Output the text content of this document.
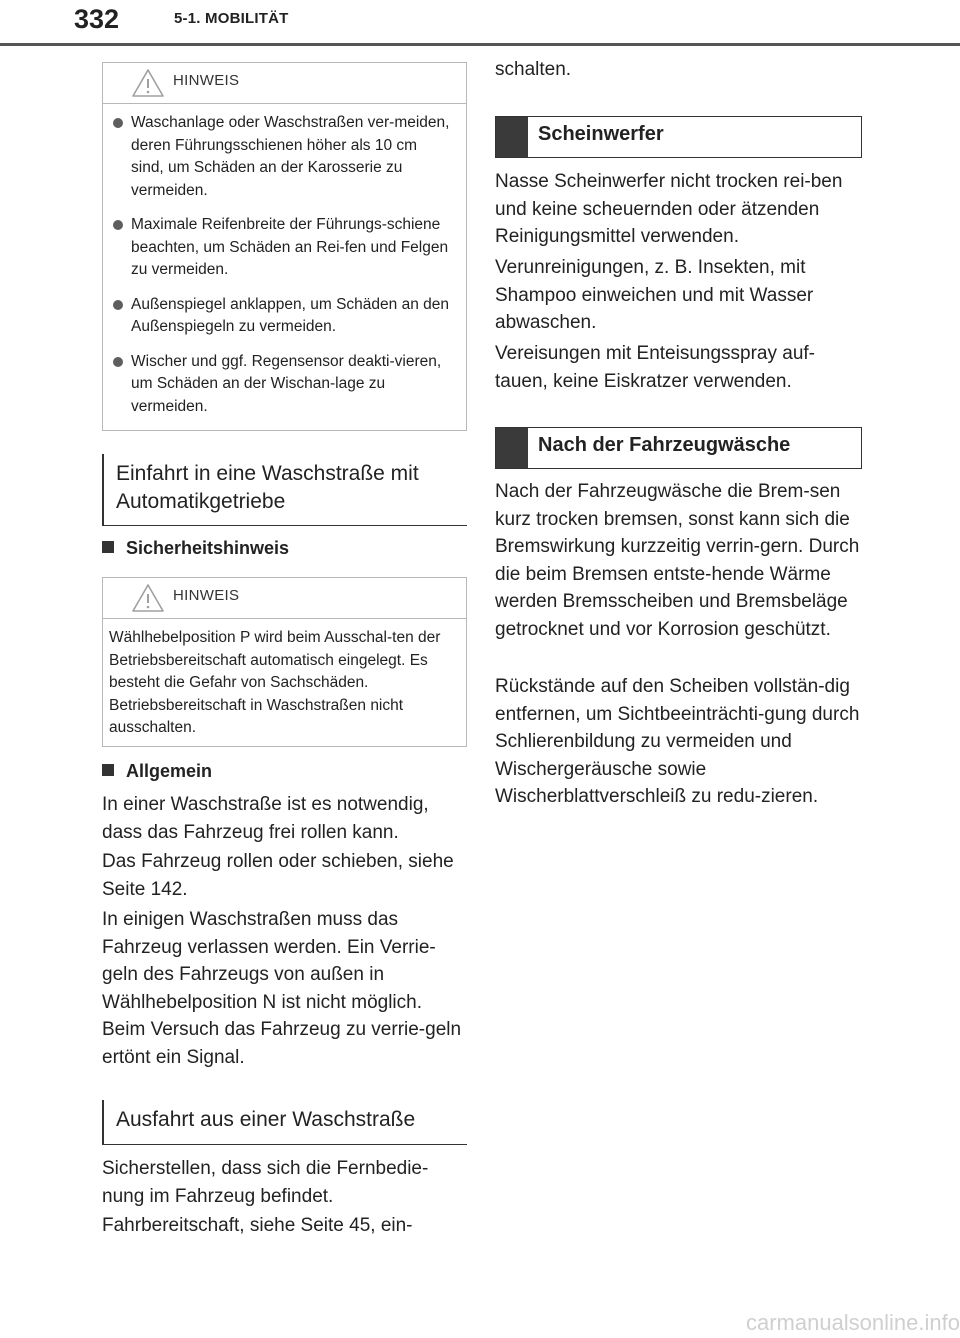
332	5-1. MOBILITÄT
HINWEIS
Waschanlage oder Waschstraßen ver-meiden, deren Führungsschienen höher als 10 cm sind, um Schäden an der Karosserie zu vermeiden.
Maximale Reifenbreite der Führungs-schiene beachten, um Schäden an Rei-fen und Felgen zu vermeiden.
Außenspiegel anklappen, um Schäden an den Außenspiegeln zu vermeiden.
Wischer und ggf. Regensensor deakti-vieren, um Schäden an der Wischan-lage zu vermeiden.
Einfahrt in eine Waschstraße mit Automatikgetriebe
Sicherheitshinweis
HINWEIS
Wählhebelposition P wird beim Ausschal-ten der Betriebsbereitschaft automatisch eingelegt. Es besteht die Gefahr von Sachschäden. Betriebsbereitschaft in Waschstraßen nicht ausschalten.
Allgemein

In einer Waschstraße ist es notwendig, dass das Fahrzeug frei rollen kann.

Das Fahrzeug rollen oder schieben, siehe Seite 142.

In einigen Waschstraßen muss das Fahrzeug verlassen werden. Ein Verrie-geln des Fahrzeugs von außen in Wählhebelposition N ist nicht möglich. Beim Versuch das Fahrzeug zu verrie-geln ertönt ein Signal.

Ausfahrt aus einer Waschstraße

Sicherstellen, dass sich die Fernbedie-nung im Fahrzeug befindet.

Fahrbereitschaft, siehe Seite 45, ein-

schalten.

Scheinwerfer

Nasse Scheinwerfer nicht trocken rei-ben und keine scheuernden oder ätzenden Reinigungsmittel verwenden.

Verunreinigungen, z. B. Insekten, mit Shampoo einweichen und mit Wasser abwaschen.

Vereisungen mit Enteisungsspray auf-tauen, keine Eiskratzer verwenden.

Nach der Fahrzeugwäsche

Nach der Fahrzeugwäsche die Brem-sen kurz trocken bremsen, sonst kann sich die Bremswirkung kurzzeitig verrin-gern. Durch die beim Bremsen entste-hende Wärme werden Bremsscheiben und Bremsbeläge getrocknet und vor Korrosion geschützt.

Rückstände auf den Scheiben vollstän-dig entfernen, um Sichtbeeinträchti-gung durch Schlierenbildung zu vermeiden und Wischergeräusche sowie Wischerblattverschleiß zu redu-zieren.

carmanualsonline.info
